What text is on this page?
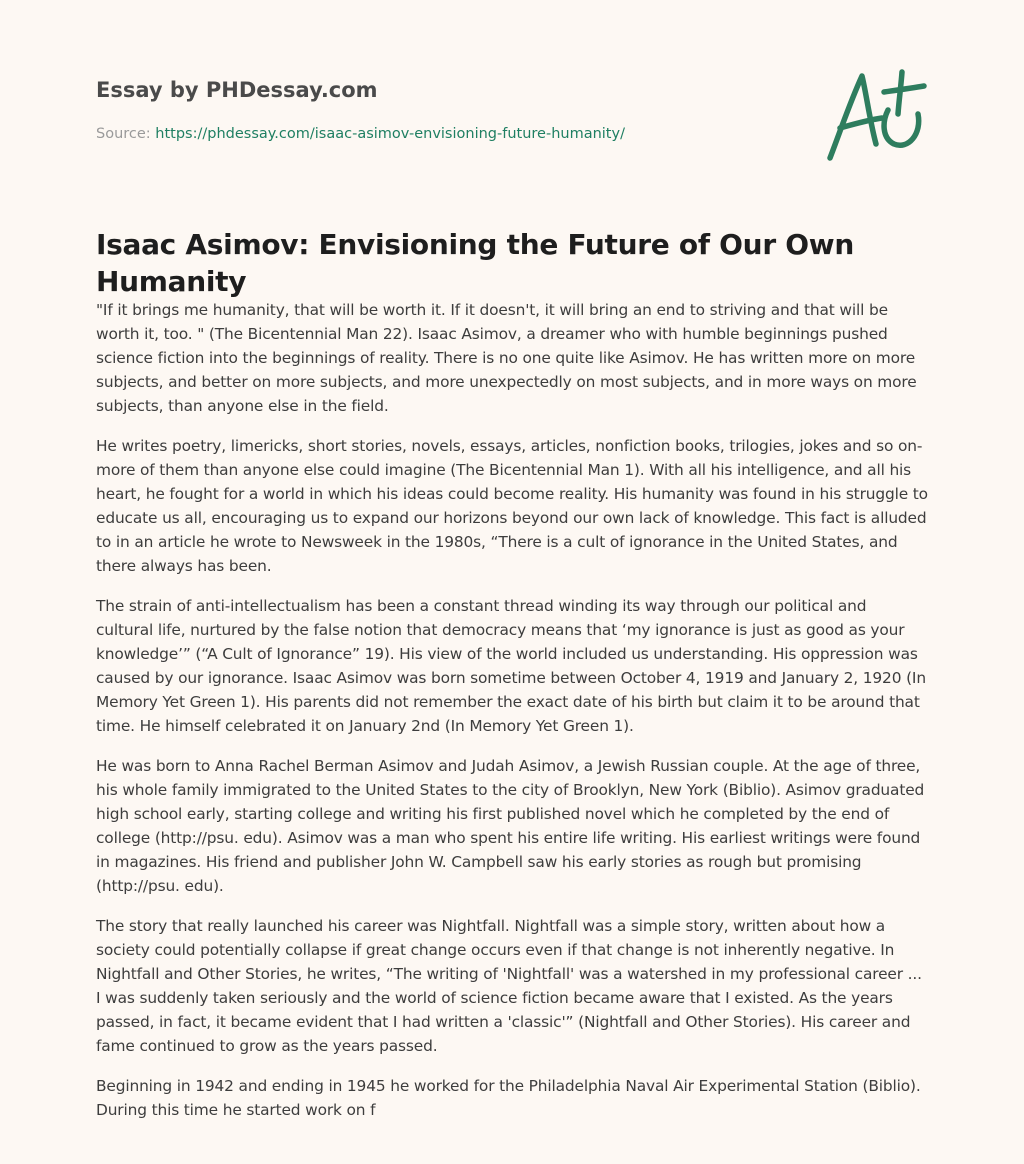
Essay by PHDessay.com
Source: https://phdessay.com/isaac-asimov-envisioning-future-humanity/
Isaac Asimov: Envisioning the Future of Our Own Humanity

"If it brings me humanity, that will be worth it. If it doesn't, it will bring an end to striving and that will be worth it, too. " (The Bicentennial Man 22). Isaac Asimov, a dreamer who with humble beginnings pushed science fiction into the beginnings of reality. There is no one quite like Asimov. He has written more on more subjects, and better on more subjects, and more unexpectedly on most subjects, and in more ways on more subjects, than anyone else in the field.

He writes poetry, limericks, short stories, novels, essays, articles, nonfiction books, trilogies, jokes and so on-more of them than anyone else could imagine (The Bicentennial Man 1). With all his intelligence, and all his heart, he fought for a world in which his ideas could become reality. His humanity was found in his struggle to educate us all, encouraging us to expand our horizons beyond our own lack of knowledge. This fact is alluded to in an article he wrote to Newsweek in the 1980s, “There is a cult of ignorance in the United States, and there always has been.

The strain of anti-intellectualism has been a constant thread winding its way through our political and cultural life, nurtured by the false notion that democracy means that ‘my ignorance is just as good as your knowledge’” (“A Cult of Ignorance” 19). His view of the world included us understanding. His oppression was caused by our ignorance. Isaac Asimov was born sometime between October 4, 1919 and January 2, 1920 (In Memory Yet Green 1). His parents did not remember the exact date of his birth but claim it to be around that time. He himself celebrated it on January 2nd (In Memory Yet Green 1).

He was born to Anna Rachel Berman Asimov and Judah Asimov, a Jewish Russian couple. At the age of three, his whole family immigrated to the United States to the city of Brooklyn, New York (Biblio). Asimov graduated high school early, starting college and writing his first published novel which he completed by the end of college (http://psu. edu). Asimov was a man who spent his entire life writing. His earliest writings were found in magazines. His friend and publisher John W. Campbell saw his early stories as rough but promising (http://psu. edu).

The story that really launched his career was Nightfall. Nightfall was a simple story, written about how a society could potentially collapse if great change occurs even if that change is not inherently negative. In Nightfall and Other Stories, he writes, “The writing of 'Nightfall' was a watershed in my professional career ... I was suddenly taken seriously and the world of science fiction became aware that I existed. As the years passed, in fact, it became evident that I had written a 'classic'” (Nightfall and Other Stories). His career and fame continued to grow as the years passed.

Beginning in 1942 and ending in 1945 he worked for the Philadelphia Naval Air Experimental Station (Biblio). During this time he started work on f
